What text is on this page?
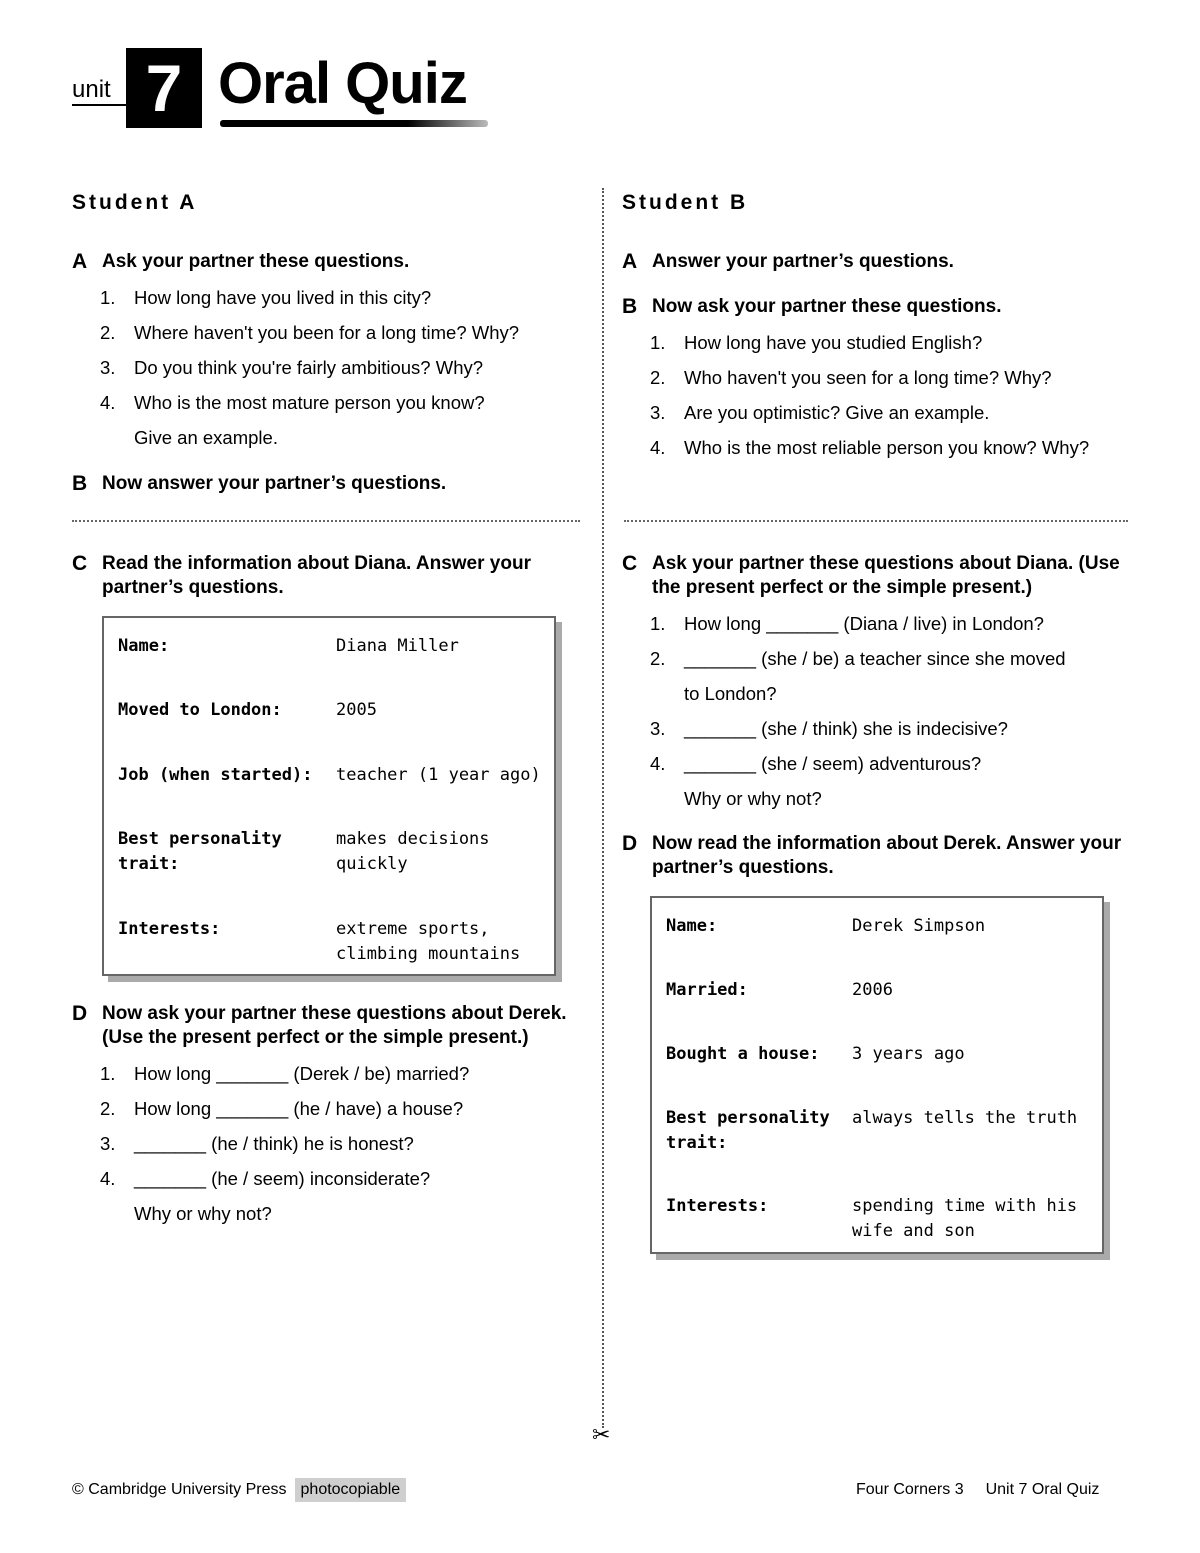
unit 7 Oral Quiz
✂
Student A
A Ask your partner these questions.
1.	How long have you lived in this city?
2.	Where haven't you been for a long time? Why?
3.	Do you think you're fairly ambitious? Why?
4.	Who is the most mature person you know?
Give an example.
B Now answer your partner’s questions.
C Read the information about Diana. Answer your partner’s questions.
Name:	Diana Miller
Moved to London:	2005
Job (when started):	teacher (1 year ago)
Best personality trait:
makes decisions quickly
Interests:	extreme sports, climbing mountains
D Now ask your partner these questions about Derek. (Use the present perfect or the simple present.)
1.	How long _______ (Derek / be) married?
2.	How long _______ (he / have) a house?
3.	_______ (he / think) he is honest?
4.	_______ (he / seem) inconsiderate?
Why or why not?
Student B
A Answer your partner’s questions.
B Now ask your partner these questions.
1.	How long have you studied English?
2.	Who haven't you seen for a long time? Why?
3.	Are you optimistic? Give an example.
4.	Who is the most reliable person you know? Why?
C Ask your partner these questions about Diana. (Use the present perfect or the simple present.)
1.	How long _______ (Diana / live) in London?
2.	_______ (she / be) a teacher since she moved
to London?
3.	_______ (she / think) she is indecisive?
4.	_______ (she / seem) adventurous?
Why or why not?
D Now read the information about Derek. Answer your partner’s questions.
Name:	Derek Simpson
Married:	2006
Bought a house:	3 years ago
Best personality trait:
always tells the truth
Interests:	spending time with his wife and son
© Cambridge University Press photocopiable	Four Corners 3 Unit 7 Oral Quiz
